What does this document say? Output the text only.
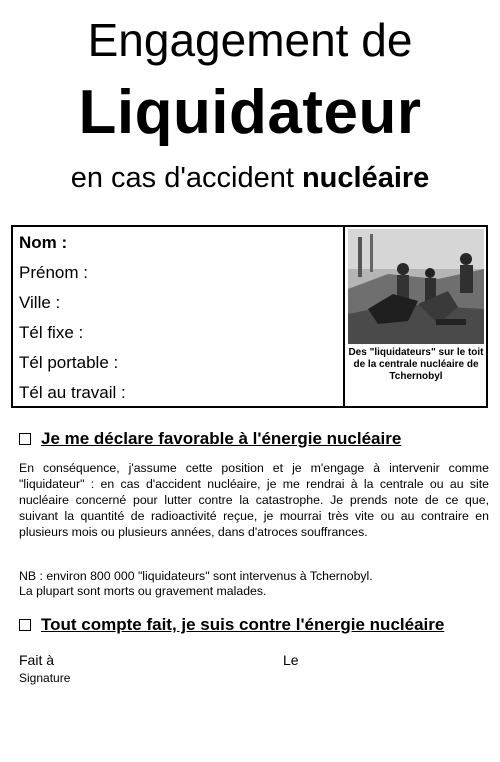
Engagement de
Liquidateur
en cas d'accident nucléaire
Nom :
Prénom :
Ville :
Tél fixe :
Tél portable :
Tél au travail :
Des "liquidateurs" sur le toit de la centrale nucléaire de Tchernobyl
Je me déclare favorable à l'énergie nucléaire
En conséquence, j'assume cette position et je m'engage à intervenir comme "liquidateur" : en cas d'accident nucléaire, je me rendrai à la centrale ou au site nucléaire concerné pour lutter contre la catastrophe. Je prends note de ce que, suivant la quantité de radioactivité reçue, je mourrai très vite ou au contraire en plusieurs mois ou plusieurs années, dans d'atroces souffrances.
NB : environ 800 000 "liquidateurs" sont intervenus à Tchernobyl.
La plupart sont morts ou gravement malades.
Tout compte fait, je suis contre l'énergie nucléaire
Fait à	Le
Signature
